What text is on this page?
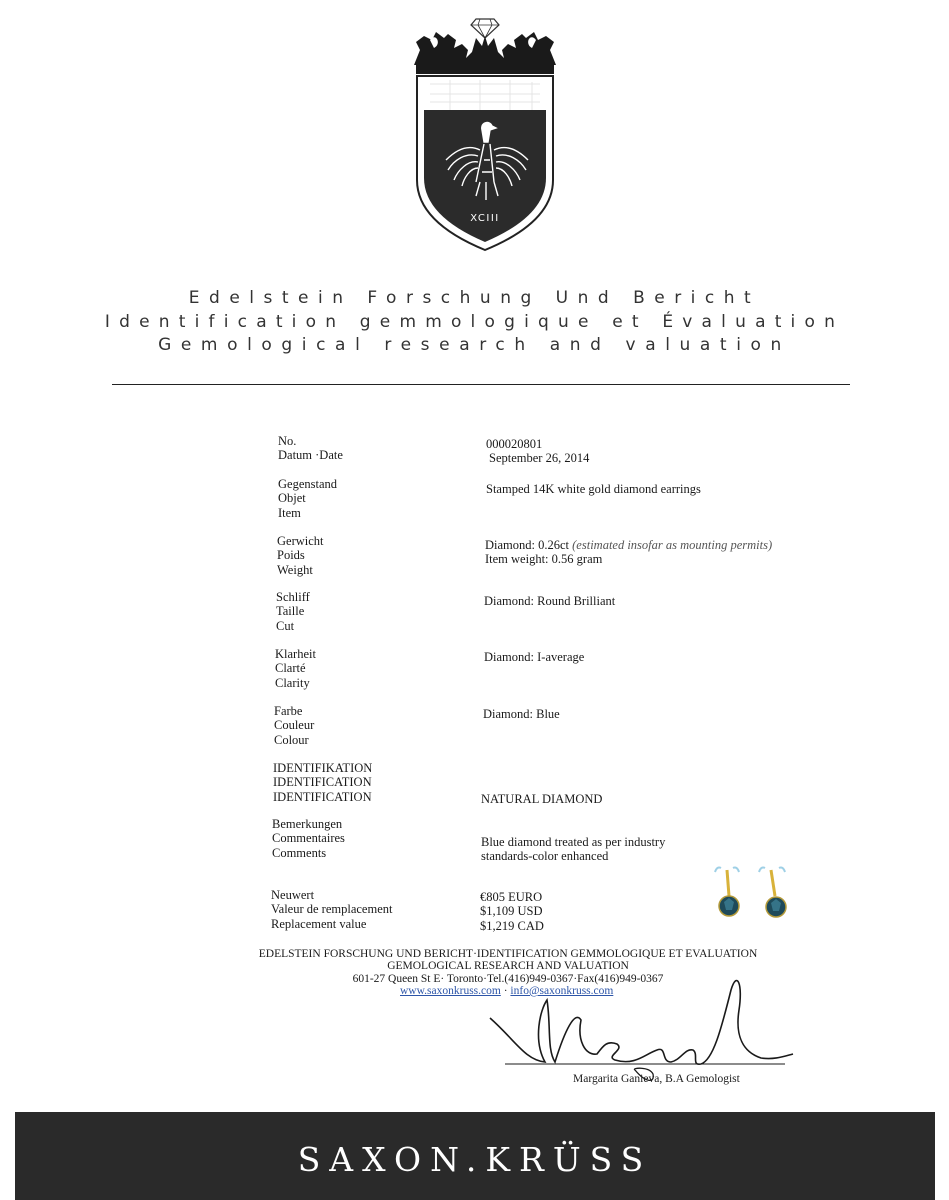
XCIII
Edelstein Forschung Und Bericht
Identification gemmologique et Évaluation
Gemological research and valuation
No.
Datum ·Date
Gegenstand
Objet
Item
Gerwicht
Poids
Weight
Schliff
Taille
Cut
Klarheit
Clarté
Clarity
Farbe
Couleur
Colour
IDENTIFIKATION
IDENTIFICATION
IDENTIFICATION
Bemerkungen
Commentaires
Comments
Neuwert
Valeur de remplacement
Replacement value
000020801
September 26, 2014
Stamped 14K white gold diamond earrings
Diamond: 0.26ct (estimated insofar as mounting permits)
Item weight: 0.56 gram
Diamond: Round Brilliant
Diamond: I-average
Diamond: Blue
NATURAL DIAMOND
Blue diamond treated as per industry
standards-color enhanced
€805 EURO
$1,109 USD
$1,219 CAD
EDELSTEIN FORSCHUNG UND BERICHT·IDENTIFICATION GEMMOLOGIQUE ET EVALUATION
GEMOLOGICAL RESEARCH AND VALUATION
601-27 Queen St E· Toronto·Tel.(416)949-0367·Fax(416)949-0367
www.saxonkruss.com · info@saxonkruss.com
Margarita Ganieva, B.A Gemologist
SAXON.KRÜSS
